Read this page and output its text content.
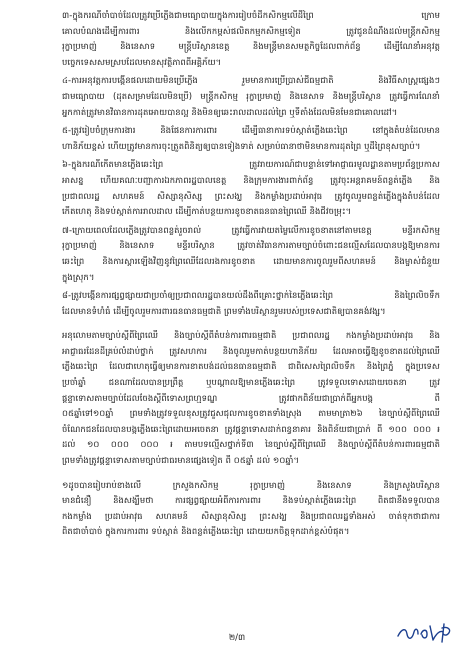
៣-ក្នុងករណីចាំបាច់ដែលត្រូវប្រើភ្លើងជាមធ្យោបាយក្នុងការរៀបចំដីកសិកម្មលើដីព្រៃ ក្រោម
គោលបំណងដើម្បីការពារ និងលើកកម្ពស់ផលិតកម្មកសិកម្មទៀត ត្រូវជូនដំណឹងដល់មន្ត្រីកសិកម្ម
រុក្ខាប្រមាញ់ និងនេសាទ មន្ត្រីបរិស្ថានខេត្ត និងមន្ត្រីមានសមត្ថកិច្ចដែលពាក់ព័ន្ធ ដើម្បីណែនាំអនុវត្ត
បច្ចេកទេសសមស្របដែលមានសុវត្ថិភាពពីអគ្គិភ័យ។
៤-ការអនុវត្តការបង្កើនផលដោយមិនប្រើភ្លើង រួមមានការប្រើប្រាស់ជីធម្មជាតិ និងវិធីសាស្ត្រផ្សេងៗ
ជាមធ្យោបាយ (ដុតសម្រាមដែលមិនប្រើ) មន្ត្រីកសិកម្ម រុក្ខាប្រមាញ់ និងនេសាទ និងមន្ត្រីបរិស្ថាន ត្រូវធ្វើការណែនាំ
អ្នកកាត់ត្រូវមានវិធានការដុតអោយបានល្អ និងមិនឲ្យឆេះរាលដាលដល់ព្រៃ ឬទីតាំងដែលមិនមែនជាគោលដៅ។
៥-ត្រូវរៀបចំក្រុមការងារ និងផែនការការពារ ដើម្បីធានាការទប់ស្កាត់ភ្លើងឆេះព្រៃ នៅក្នុងតំបន់ដែលមាន
ហានិភ័យខ្ពស់ ហើយត្រូវមានការចុះត្រួតពិនិត្យឲ្យបានទៀងទាត់ សម្រាប់ធានាថាមិនមានការដុតព្រៃ ឬដីព្រៃខុសច្បាប់។
៦-ក្នុងករណីកើតមានភ្លើងឆេះព្រៃ ត្រូវរាយការណ៍ជាបន្ទាន់ទៅអាជ្ញាធរមូលដ្ឋានតាមប្រព័ន្ធប្រកាស
អាសន្ន ហើយគណៈបញ្ជាការឯកភាពរដ្ឋបាលខេត្ត និងក្រុមការងារពាក់ព័ន្ធ ត្រូវចុះអន្តរាគមន៍ពន្លត់ភ្លើង និង
ប្រជាពលរដ្ឋ សហគមន៍ សិស្សានុសិស្ស ព្រះសង្ឃ និងកម្លាំងប្រដាប់អាវុធ ត្រូវចូលរួមពន្លត់ភ្លើងក្នុងតំបន់ដែល
កើតហេតុ និងទប់ស្កាត់ការរាលដាល ដើម្បីកាត់បន្ថយការខូចខាតធនធានព្រៃឈើ និងជីវចម្រុះ។
៧-ក្រោយពេលដែលភ្លើងត្រូវបានពន្លត់រួចរាល់ ត្រូវធ្វើការវាយតម្លៃលើការខូចខាតនៅតាមខេត្ត មន្ទីរកសិកម្ម
រុក្ខាប្រមាញ់ និងនេសាទ មន្ទីរបរិស្ថាន ត្រូវចាត់វិធានការតាមច្បាប់ចំពោះជនល្មើសដែលបានបង្កឱ្យមានការ
ឆេះព្រៃ និងការស្ដារឡើងវិញនូវព្រៃឈើដែលរងការខូចខាត ដោយមានការចូលរួមពីសហគមន៍ និងម្ចាស់ជំនួយ
ក្នុងស្រុក។
៨-ត្រូវបង្កើនការផ្សព្វផ្សាយជាប្រចាំឲ្យប្រជាពលរដ្ឋបានយល់ដឹងពីគ្រោះថ្នាក់នៃភ្លើងឆេះព្រៃ និងព្រៃលិចទឹក
ដែលមានទំហំធំ ដើម្បីចូលរួមការពារធនធានធម្មជាតិ ព្រមទាំងបរិស្ថានរួមរបស់ប្រទេសជាតិឲ្យបានគង់វង្ស។
អនុលោមតាមច្បាប់ស្ដីពីព្រៃឈើ និងច្បាប់ស្ដីពីតំបន់ការពារធម្មជាតិ ប្រជាពលរដ្ឋ កងកម្លាំងប្រដាប់អាវុធ និង
អាជ្ញាធរដែនដីគ្រប់លំដាប់ថ្នាក់ ត្រូវសហការ និងចូលរួមកាត់បន្ថយហានិភ័យ ដែលអាចធ្វើឱ្យខូចខាតដល់ព្រៃឈើ
ភ្លើងឆេះព្រៃ ដែលជាហេតុធ្វើឲ្យមានការខាតបង់ដល់ធនធានធម្មជាតិ ជាពិសេសព្រៃលិចទឹក និងព្រៃភ្នំ ក្នុងប្រទេស
ប្រចាំឆ្នាំ ជនណាដែលបានប្រព្រឹត្ត ឬបណ្ដាលឱ្យមានភ្លើងឆេះព្រៃ ត្រូវទទួលទោសដោយចេតនា ត្រូវ
ផ្ដន្ទាទោសតាមច្បាប់ដែលចែងស្ដីពីទោសព្រហ្មទណ្ឌ ត្រូវផាកពិន័យជាប្រាក់ពីអ្នកបង្ក ពី
០៥ឆ្នាំទៅ១០ឆ្នាំ ព្រមទាំងត្រូវទទួលខុសត្រូវជួសជុលការខូចខាតទាំងស្រុង តាមមាត្រា២៦ នៃច្បាប់ស្ដីពីព្រៃឈើ
ចំណែកជនដែលបានបង្កភ្លើងឆេះព្រៃដោយអចេតនា ត្រូវផ្ដន្ទាទោសដាក់ពន្ធនាគារ និងពិន័យជាប្រាក់ ពី ១០០ ០០០ ៛
ដល់ ១០ ០០០ ០០០ ៛ តាមបទល្មើសថ្នាក់ទី៣ នៃច្បាប់ស្ដីពីព្រៃឈើ និងច្បាប់ស្ដីពីតំបន់ការពារធម្មជាតិ
ព្រមទាំងត្រូវផ្ដន្ទាទោសតាមច្បាប់ជាធរមានផ្សេងទៀត ពី ០៥ឆ្នាំ ដល់ ១០ឆ្នាំ។
១ដូចបានរៀបរាប់ខាងលើ ក្រសួងកសិកម្ម រុក្ខាប្រមាញ់ និងនេសាទ និងក្រសួងបរិស្ថាន
មានជំនឿ និងសង្ឃឹមថា ការផ្សព្វផ្សាយអំពីការការពារ និងទប់ស្កាត់ភ្លើងឆេះព្រៃ ពិតជានឹងទទួលបាន
កងកម្លាំង ប្រដាប់អាវុធ សហគមន៍ សិស្សានុសិស្ស ព្រះសង្ឃ និងប្រជាពលរដ្ឋទាំងអស់ ចាត់ទុកថាជាការ
ពិតជាចាំបាច់ ក្នុងការការពារ ទប់ស្កាត់ និងពន្លត់ភ្លើងឆេះព្រៃ ដោយយកចិត្តទុកដាក់ខ្ពស់បំផុត។
២/៣
